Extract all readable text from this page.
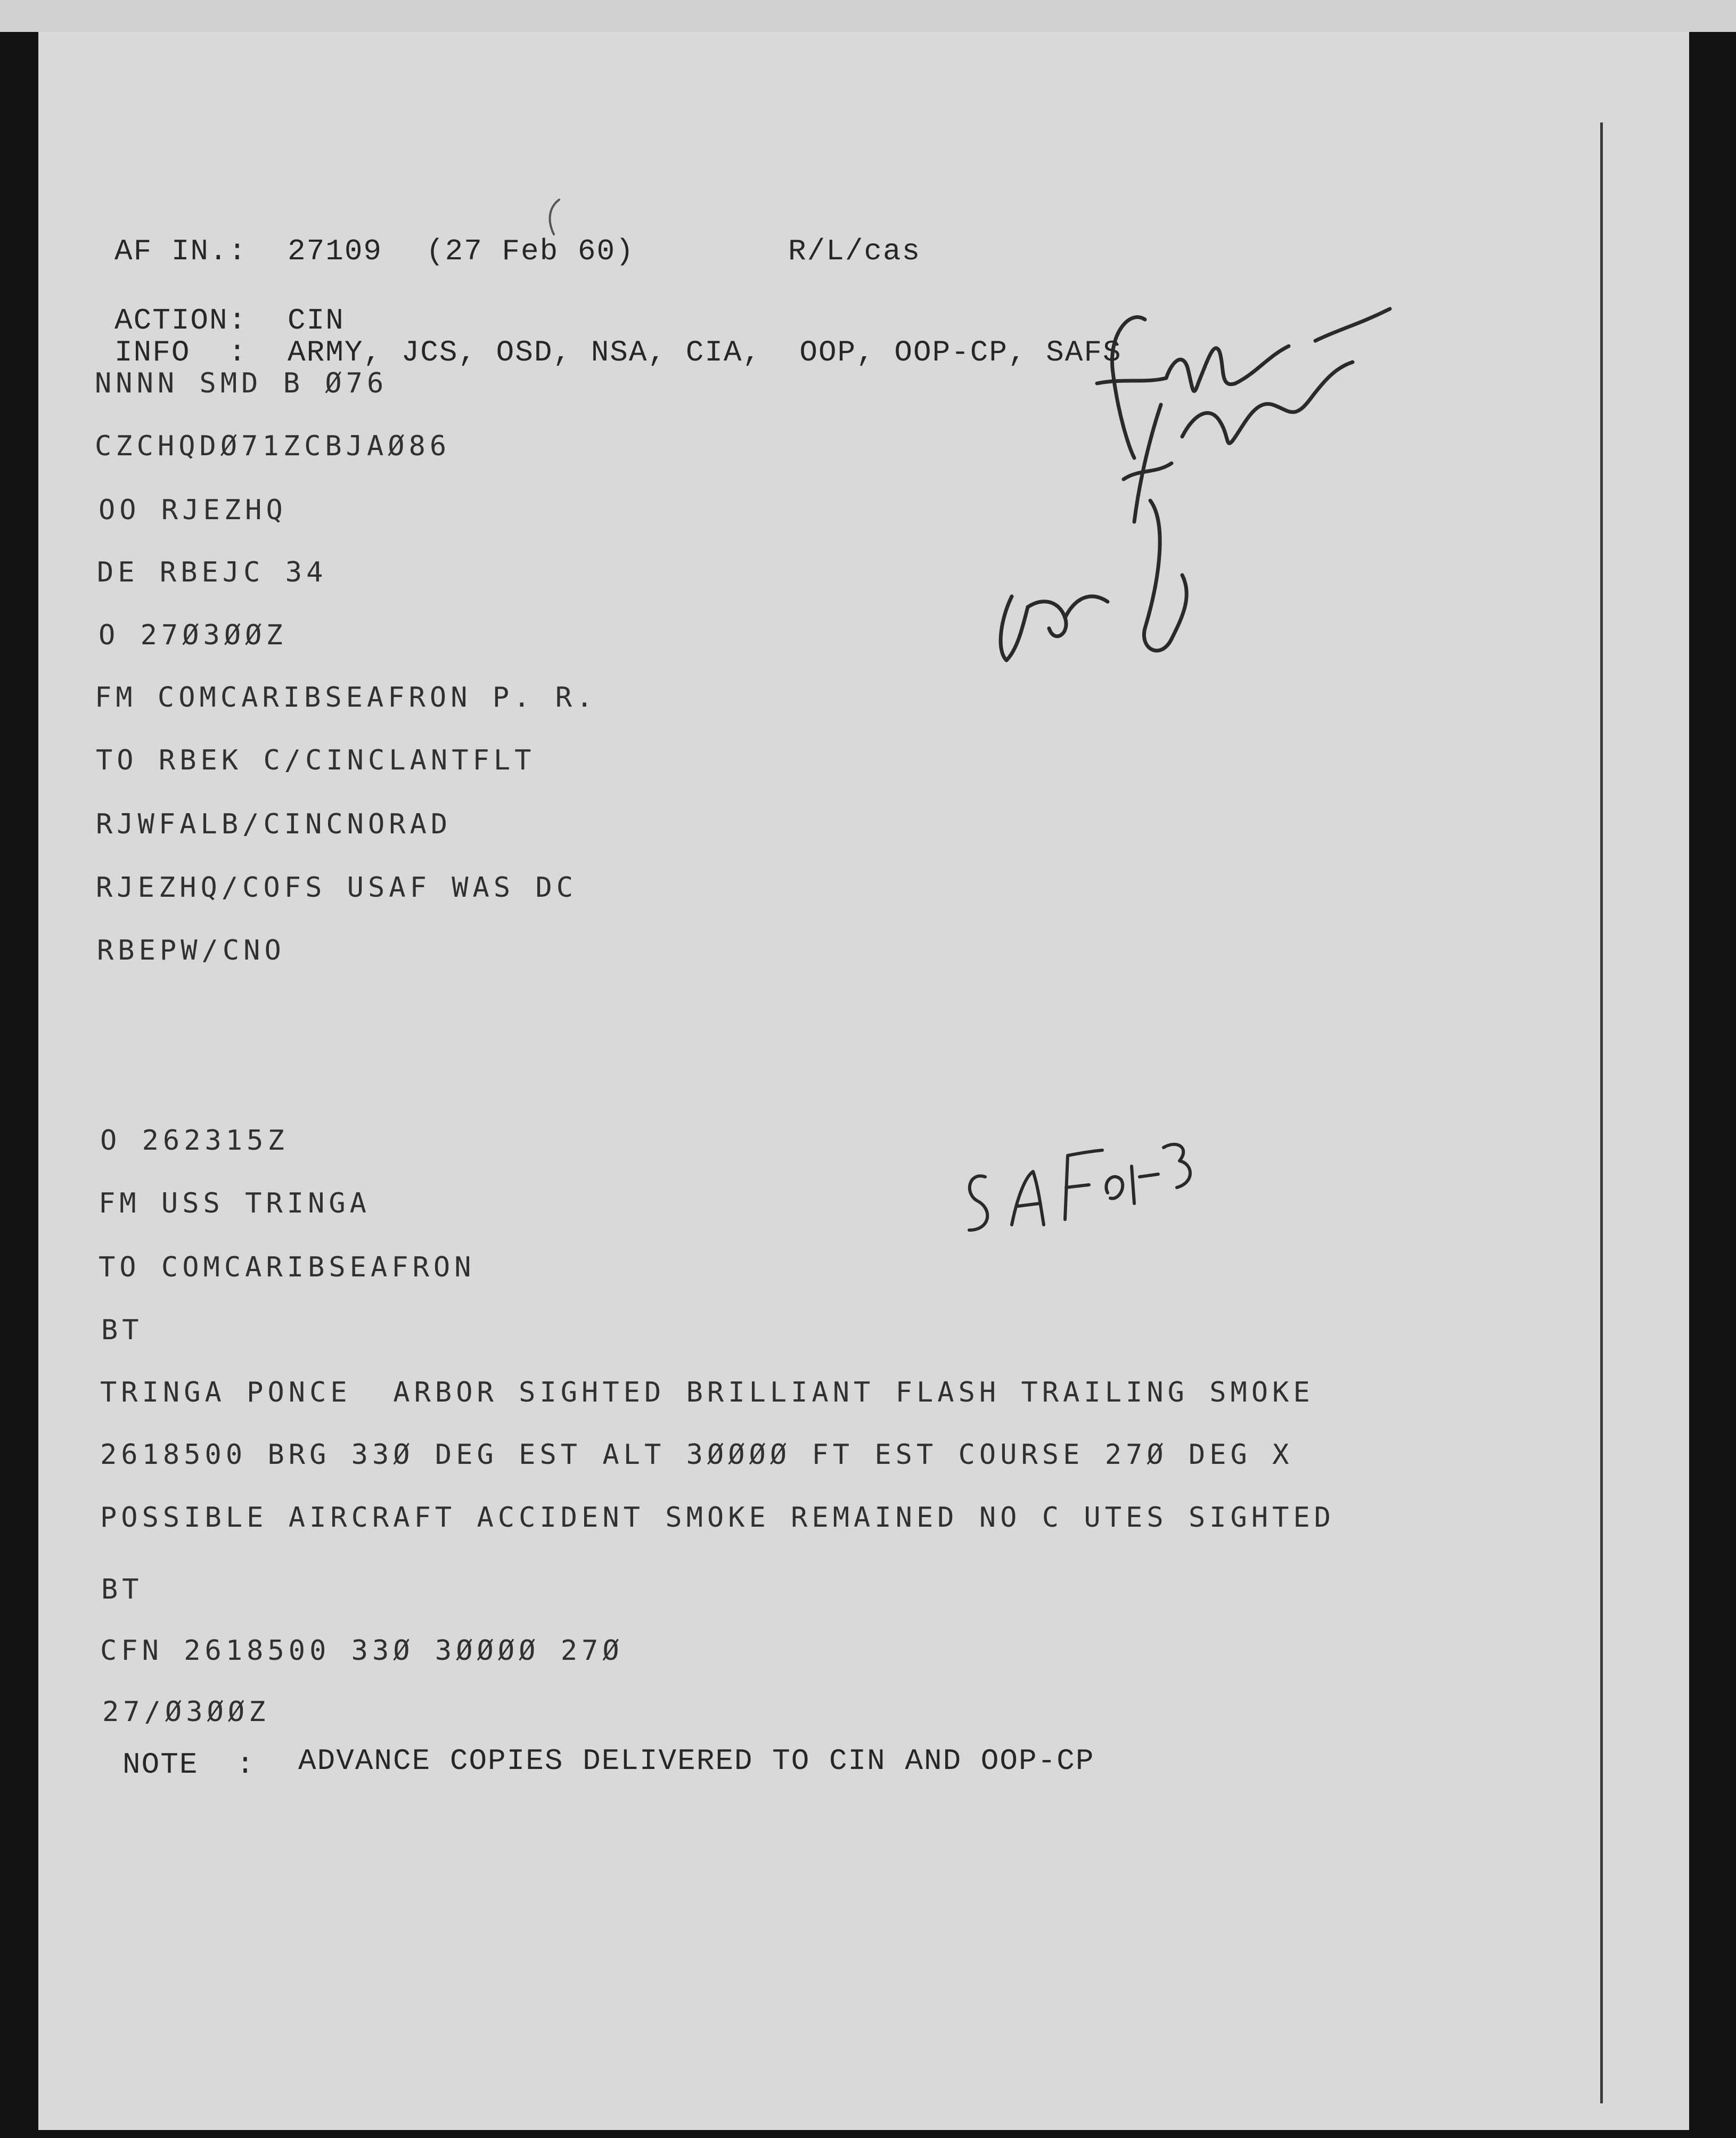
AF IN.: 27109 (27 Feb 60)	R/L/cas
ACTION: CIN
INFO  : ARMY, JCS, OSD, NSA, CIA,  OOP, OOP-CP, SAFS
NNNN SMD B Ø76
CZCHQDØ71ZCBJAØ86
OO RJEZHQ
DE RBEJC 34
O 27Ø3ØØZ
FM COMCARIBSEAFRON P. R.
TO RBEK C/CINCLANTFLT
RJWFALB/CINCNORAD
RJEZHQ/COFS USAF WAS DC
RBEPW/CNO
O 262315Z
FM USS TRINGA
TO COMCARIBSEAFRON
BT
TRINGA PONCE  ARBOR SIGHTED BRILLIANT FLASH TRAILING SMOKE
2618500 BRG 33Ø DEG EST ALT 3ØØØØ FT EST COURSE 27Ø DEG X
POSSIBLE AIRCRAFT ACCIDENT SMOKE REMAINED NO C UTES SIGHTED
BT
CFN 2618500 33Ø 3ØØØØ 27Ø
27/Ø3ØØZ
NOTE  : ADVANCE COPIES DELIVERED TO CIN AND OOP-CP
